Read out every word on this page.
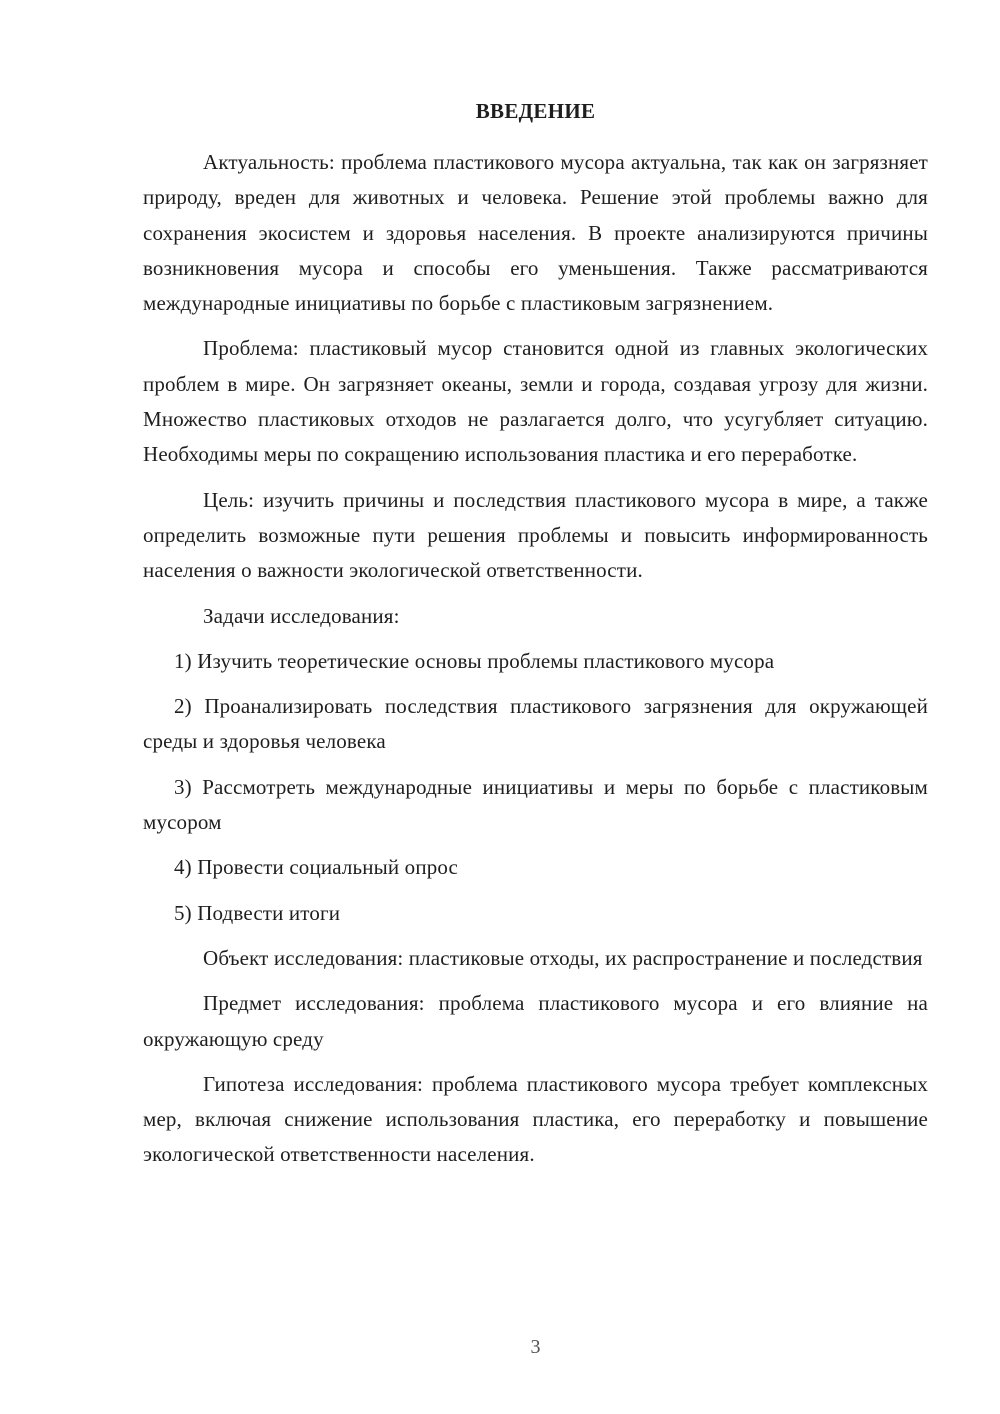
ВВЕДЕНИЕ

Актуальность: проблема пластикового мусора актуальна, так как он загрязняет природу, вреден для животных и человека. Решение этой проблемы важно для сохранения экосистем и здоровья населения. В проекте анализируются причины возникновения мусора и способы его уменьшения. Также рассматриваются международные инициативы по борьбе с пластиковым загрязнением.

Проблема: пластиковый мусор становится одной из главных экологических проблем в мире. Он загрязняет океаны, земли и города, создавая угрозу для жизни. Множество пластиковых отходов не разлагается долго, что усугубляет ситуацию. Необходимы меры по сокращению использования пластика и его переработке.

Цель: изучить причины и последствия пластикового мусора в мире, а также определить возможные пути решения проблемы и повысить информированность населения о важности экологической ответственности.

Задачи исследования:

1) Изучить теоретические основы проблемы пластикового мусора

2) Проанализировать последствия пластикового загрязнения для окружающей среды и здоровья человека

3) Рассмотреть международные инициативы и меры по борьбе с пластиковым мусором

4) Провести социальный опрос

5) Подвести итоги

Объект исследования: пластиковые отходы, их распространение и последствия

Предмет исследования: проблема пластикового мусора и его влияние на окружающую среду

Гипотеза исследования: проблема пластикового мусора требует комплексных мер, включая снижение использования пластика, его переработку и повышение экологической ответственности населения.

3
